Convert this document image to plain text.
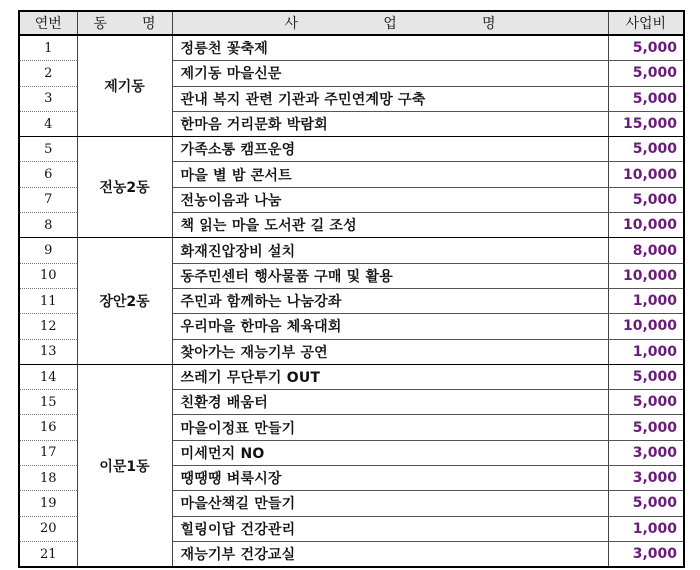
연번	동 명	사 업 명	사업비
1	제기동	정릉천 꽃축제	5,000
2		제기동 마을신문	5,000
3		관내 복지 관련 기관과 주민연계망 구축	5,000
4		한마음 거리문화 박람회	15,000
5	전농2동	가족소통 캠프운영	5,000
6		마을 별 밤 콘서트	10,000
7		전농이음과 나눔	5,000
8		책 읽는 마을 도서관 길 조성	10,000
9	장안2동	화재진압장비 설치	8,000
10		동주민센터 행사물품 구매 및 활용	10,000
11		주민과 함께하는 나눔강좌	1,000
12		우리마을 한마음 체육대회	10,000
13		찾아가는 재능기부 공연	1,000
14	이문1동	쓰레기 무단투기 OUT	5,000
15		친환경 배움터	5,000
16		마을이정표 만들기	5,000
17		미세먼지 NO	3,000
18		땡땡땡 벼룩시장	3,000
19		마을산책길 만들기	5,000
20		힐링이답 건강관리	1,000
21		재능기부 건강교실	3,000
